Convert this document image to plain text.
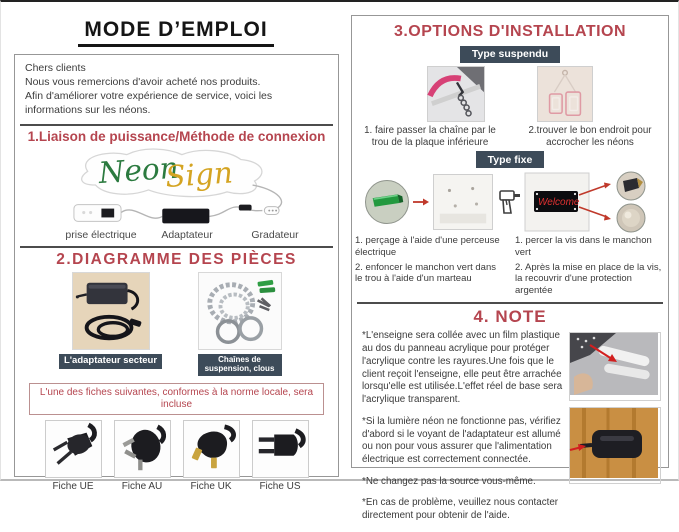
MODE D’EMPLOI
Chers clients
Nous vous remercions d'avoir acheté nos produits.
Afin d'améliorer votre expérience de service, voici les informations sur les néons.
1.Liaison de puissance/Méthode de connexion
Neon
Sign
prise électrique Adaptateur	Gradateur
2.DIAGRAMME DES PIÈCES
L'adaptateur secteur	Chaînes de suspension, clous
L'une des fiches suivantes, conformes à la norme locale, sera incluse
Fiche UE	Fiche AU	Fiche UK	Fiche US
3.OPTIONS D'INSTALLATION
Type suspendu
1. faire passer la chaîne par le trou de la plaque inférieure
2.trouver le bon endroit pour accrocher les néons
Type fixe
Welcome

1. perçage à l'aide d'une perceuse électrique

2. enfoncer le manchon vert dans le trou à l'aide d'un marteau

1. percer la vis dans le manchon vert

2. Après la mise en place de la vis, la recouvrir d'une protection argentée

4. NOTE

*L'enseigne sera collée avec un film plastique au dos du panneau acrylique pour protéger l'acrylique contre les rayures.Une fois que le client reçoit l'enseigne, elle peut être arrachée lorsqu'elle est utilisée.L'effet réel de base sera l'acrylique transparent.

*Si la lumière néon ne fonctionne pas, vérifiez d'abord si le voyant de l'adaptateur est allumé ou non pour vous assurer que l'alimentation électrique est correctement connectée.

*Ne changez pas la source vous-même.

*En cas de problème, veuillez nous contacter directement pour obtenir de l'aide.
